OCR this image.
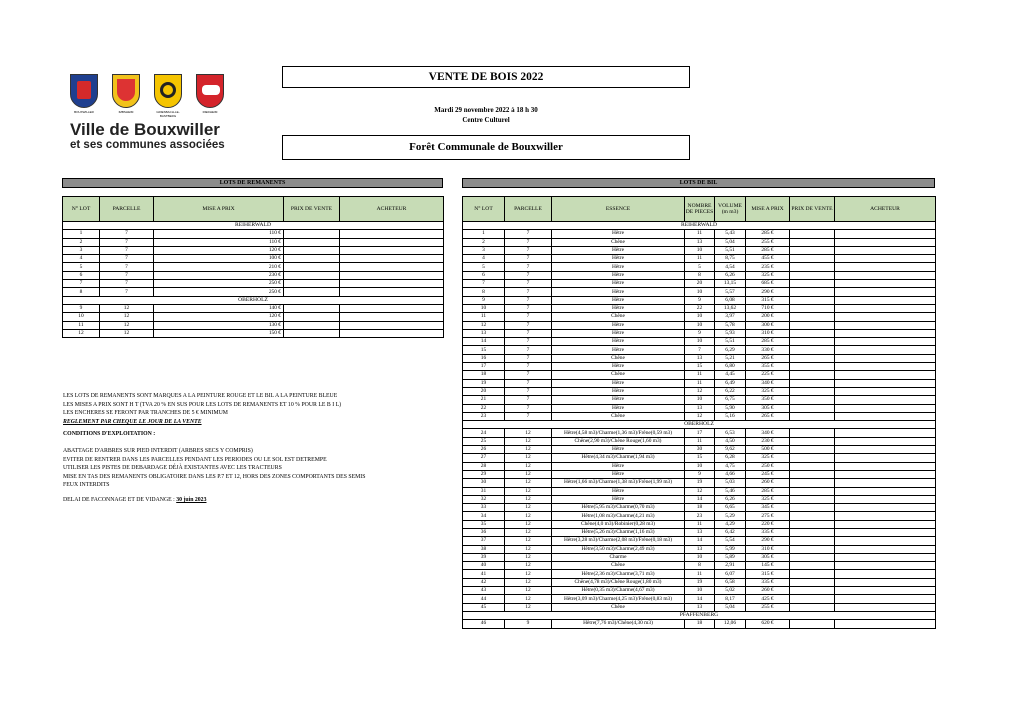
BOUXWILLER	IMBSHEIM	GRIESBACH-LE-BASTBERG
RIEDHEIM
Ville de Bouxwiller
et ses communes associées
VENTE DE BOIS 2022
Mardi 29 novembre 2022 à 18 h 30
Centre Culturel
Forêt Communale de Bouxwiller
LOTS DE REMANENTS	LOTS DE BIL
N° LOT	PARCELLE	MISE A PRIX	PRIX DE VENTE	ACHETEUR
REIHERWALD				
1	7	110 €		
2	7	110 €		
3	7	120 €		
4	7	100 €		
5	7	210 €		
6	7	230 €		
7	7	250 €		
8	7	250 €		
OBERHOLZ				
9	12	140 €		
10	12	120 €		
11	12	130 €		
12	12	150 €		
N° LOT	PARCELLE	ESSENCE	NOMBRE DE PIECES	VOLUME (m m3)	MISE A PRIX	PRIX DE VENTE	ACHETEUR
REIHERWALD							
1	7	Hêtre	11	5,43	285 €		
2	7	Chêne	13	5,04	255 €		
3	7	Hêtre	10	5,51	285 €		
4	7	Hêtre	11	8,75	455 €		
5	7	Hêtre	5	4,54	235 €		
6	7	Hêtre	8	6,26	325 €		
7	7	Hêtre	20	13,15	685 €		
8	7	Hêtre	10	5,57	290 €		
9	7	Hêtre	9	6,08	315 €		
10	7	Hêtre	22	13,62	710 €		
11	7	Chêne	10	3,97	200 €		
12	7	Hêtre	10	5,78	300 €		
13	7	Hêtre	9	5,93	310 €		
14	7	Hêtre	10	5,51	285 €		
15	7	Hêtre	7	6,29	330 €		
16	7	Chêne	13	5,21	265 €		
17	7	Hêtre	15	6,80	355 €		
18	7	Chêne	11	4,45	225 €		
19	7	Hêtre	11	6,49	340 €		
20	7	Hêtre	12	6,22	325 €		
21	7	Hêtre	10	6,75	350 €		
22	7	Hêtre	13	5,90	305 €		
23	7	Chêne	12	5,16	265 €		
OBERHOLZ							
24	12	Hêtre(4,58 m3)/Charme(1,36 m3)/Frêne(0,59 m3)	17	6,53	340 €		
25	12	Chêne(2,90 m3)/Chêne Rouge(1,60 m3)	11	4,50	230 €		
26	12	Hêtre	30	9,62	500 €		
27	12	Hêtre(4,34 m3)/Charme(1,94 m3)	15	6,28	325 €		
28	12	Hêtre	10	4,75	250 €		
29	12	Hêtre	9	4,66	245 €		
30	12	Hêtre(1,66 m3)/Charme(1,38 m3)/Frêne(1,99 m3)	19	5,03	260 €		
31	12	Hêtre	12	5,46	285 €		
32	12	Hêtre	14	6,26	325 €		
33	12	Hêtre(5,95 m3)/Charme(0,70 m3)	18	6,65	345 €		
34	12	Hêtre(1,08 m3)/Charme(4,21 m3)	23	5,29	275 €		
35	12	Chêne(4,0 m3)/Robinier(0,28 m3)	11	4,29	220 €		
36	12	Hêtre(5,26 m3)/Charme(1,16 m3)	13	6,42	335 €		
37	12	Hêtre(3,28 m3)/Charme(2,08 m3)/Frêne(0,18 m3)	14	5,54	290 €		
38	12	Hêtre(3,50 m3)/Charme(2,49 m3)	13	5,99	310 €		
39	12	Charme	10	5,89	305 €		
40	12	Chêne	8	2,91	145 €		
41	12	Hêtre(2,36 m3)/Charme(3,71 m3)	11	6,07	315 €		
42	12	Chêne(4,78 m3)/Chêne Rouge(1,80 m3)	19	6,58	335 €		
43	12	Hêtre(0,35 m3)/Charme(4,67 m3)	10	5,02	260 €		
44	12	Hêtre(3,09 m3)/Charme(4,25 m3)/Frêne(0,83 m3)	14	8,17	425 €		
45	12	Chêne	13	5,04	255 €		
PFAFFENBERG							
46	9	Hêtre(7,76 m3)/Chêne(4,30 m3)	18	12,06	620 €		

LES LOTS DE REMANENTS SONT MARQUES A LA PEINTURE ROUGE ET LE BIL A LA PEINTURE BLEUE

LES MISES A PRIX SONT H T (TVA 20 % EN SUS POUR LES LOTS DE REMANENTS ET 10 % POUR LE B I L)

LES ENCHERES SE FERONT PAR TRANCHES DE 5 € MINIMUM

REGLEMENT PAR CHEQUE LE JOUR DE LA VENTE

CONDITIONS D'EXPLOITATION :

ABATTAGE D'ARBRES SUR PIED INTERDIT (ARBRES SECS Y COMPRIS)

EVITER DE RENTRER DANS LES PARCELLES PENDANT LES PERIODES OU LE SOL EST DETREMPE

UTILISER LES PISTES DE DEBARDAGE DÉJÀ EXISTANTES AVEC LES TRACTEURS

MISE EN TAS DES REMANENTS OBLIGATOIRE DANS LES P.7 ET 12, HORS DES ZONES COMPORTANTS DES SEMIS

FEUX INTERDITS

DELAI DE FACONNAGE ET DE VIDANGE : 30 juin 2023
